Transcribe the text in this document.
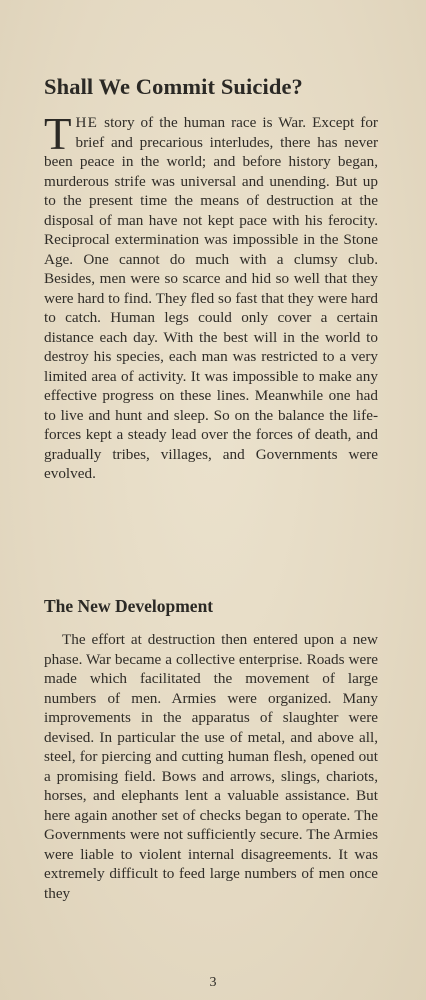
Shall We Commit Suicide?

THE story of the human race is War. Except for brief and precarious interludes, there has never been peace in the world; and before history began, murderous strife was universal and unending. But up to the present time the means of destruction at the disposal of man have not kept pace with his ferocity. Reciprocal extermination was impossible in the Stone Age. One cannot do much with a clumsy club. Besides, men were so scarce and hid so well that they were hard to find. They fled so fast that they were hard to catch. Human legs could only cover a certain distance each day. With the best will in the world to destroy his species, each man was restricted to a very limited area of activity. It was impossible to make any effective progress on these lines. Meanwhile one had to live and hunt and sleep. So on the balance the life-forces kept a steady lead over the forces of death, and gradually tribes, villages, and Governments were evolved.

The New Development

The effort at destruction then entered upon a new phase. War became a collective enterprise. Roads were made which facilitated the movement of large numbers of men. Armies were organized. Many improvements in the apparatus of slaughter were devised. In particular the use of metal, and above all, steel, for piercing and cutting human flesh, opened out a promising field. Bows and arrows, slings, chariots, horses, and elephants lent a valuable assistance. But here again another set of checks began to operate. The Governments were not sufficiently secure. The Armies were liable to violent internal disagreements. It was extremely difficult to feed large numbers of men once they

3
